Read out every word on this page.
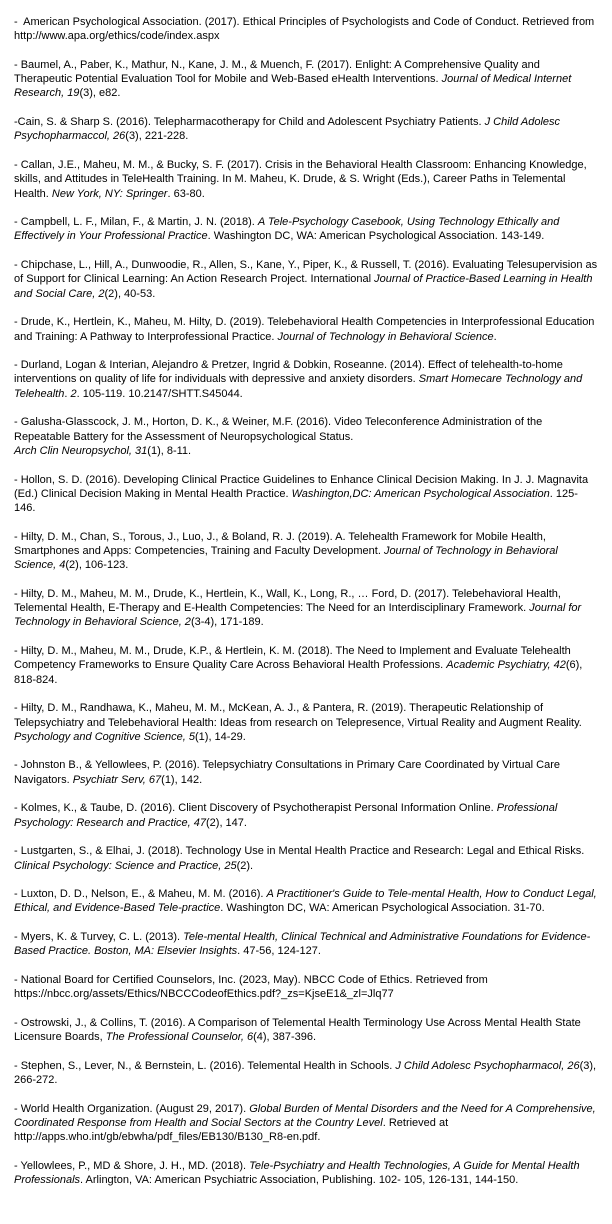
-  American Psychological Association. (2017). Ethical Principles of Psychologists and Code of Conduct. Retrieved from http://www.apa.org/ethics/code/index.aspx

- Baumel, A., Paber, K., Mathur, N., Kane, J. M., & Muench, F. (2017). Enlight: A Comprehensive Quality and Therapeutic Potential Evaluation Tool for Mobile and Web-Based eHealth Interventions. Journal of Medical Internet Research, 19(3), e82.

-Cain, S. & Sharp S. (2016). Telepharmacotherapy for Child and Adolescent Psychiatry Patients. J Child Adolesc Psychopharmaccol, 26(3), 221-228.

- Callan, J.E., Maheu, M. M., & Bucky, S. F. (2017). Crisis in the Behavioral Health Classroom: Enhancing Knowledge, skills, and Attitudes in TeleHealth Training. In M. Maheu, K. Drude, & S. Wright (Eds.), Career Paths in Telemental Health. New York, NY: Springer. 63-80.

- Campbell, L. F., Milan, F., & Martin, J. N. (2018). A Tele-Psychology Casebook, Using Technology Ethically and Effectively in Your Professional Practice. Washington DC, WA: American Psychological Association. 143-149.

- Chipchase, L., Hill, A., Dunwoodie, R., Allen, S., Kane, Y., Piper, K., & Russell, T. (2016). Evaluating Telesupervision as of Support for Clinical Learning: An Action Research Project. International Journal of Practice-Based Learning in Health and Social Care, 2(2), 40-53.

- Drude, K., Hertlein, K., Maheu, M. Hilty, D. (2019). Telebehavioral Health Competencies in Interprofessional Education and Training: A Pathway to Interprofessional Practice. Journal of Technology in Behavioral Science.

- Durland, Logan & Interian, Alejandro & Pretzer, Ingrid & Dobkin, Roseanne. (2014). Effect of telehealth-to-home interventions on quality of life for individuals with depressive and anxiety disorders. Smart Homecare Technology and Telehealth. 2. 105-119. 10.2147/SHTT.S45044.

- Galusha-Glasscock, J. M., Horton, D. K., & Weiner, M.F. (2016). Video Teleconference Administration of the Repeatable Battery for the Assessment of Neuropsychological Status.
Arch Clin Neuropsychol, 31(1), 8-11.

- Hollon, S. D. (2016). Developing Clinical Practice Guidelines to Enhance Clinical Decision Making. In J. J. Magnavita (Ed.) Clinical Decision Making in Mental Health Practice. Washington,DC: American Psychological Association. 125-146.

- Hilty, D. M., Chan, S., Torous, J., Luo, J., & Boland, R. J. (2019). A. Telehealth Framework for Mobile Health, Smartphones and Apps: Competencies, Training and Faculty Development. Journal of Technology in Behavioral Science, 4(2), 106-123.

- Hilty, D. M., Maheu, M. M., Drude, K., Hertlein, K., Wall, K., Long, R., … Ford, D. (2017). Telebehavioral Health, Telemental Health, E-Therapy and E-Health Competencies: The Need for an Interdisciplinary Framework. Journal for Technology in Behavioral Science, 2(3-4), 171-189.

- Hilty, D. M., Maheu, M. M., Drude, K.P., & Hertlein, K. M. (2018). The Need to Implement and Evaluate Telehealth Competency Frameworks to Ensure Quality Care Across Behavioral Health Professions. Academic Psychiatry, 42(6), 818-824.

- Hilty, D. M., Randhawa, K., Maheu, M. M., McKean, A. J., & Pantera, R. (2019). Therapeutic Relationship of Telepsychiatry and Telebehavioral Health: Ideas from research on Telepresence, Virtual Reality and Augment Reality. Psychology and Cognitive Science, 5(1), 14-29.

- Johnston B., & Yellowlees, P. (2016). Telepsychiatry Consultations in Primary Care Coordinated by Virtual Care Navigators. Psychiatr Serv, 67(1), 142.

- Kolmes, K., & Taube, D. (2016). Client Discovery of Psychotherapist Personal Information Online. Professional Psychology: Research and Practice, 47(2), 147.

- Lustgarten, S., & Elhai, J. (2018). Technology Use in Mental Health Practice and Research: Legal and Ethical Risks. Clinical Psychology: Science and Practice, 25(2).

- Luxton, D. D., Nelson, E., & Maheu, M. M. (2016). A Practitioner's Guide to Tele-mental Health, How to Conduct Legal, Ethical, and Evidence-Based Tele-practice. Washington DC, WA: American Psychological Association. 31-70.

- Myers, K. & Turvey, C. L. (2013). Tele-mental Health, Clinical Technical and Administrative Foundations for Evidence-Based Practice. Boston, MA: Elsevier Insights. 47-56, 124-127.

- National Board for Certified Counselors, Inc. (2023, May). NBCC Code of Ethics. Retrieved from https://nbcc.org/assets/Ethics/NBCCCodeofEthics.pdf?_zs=KjseE1&_zl=Jlq77

- Ostrowski, J., & Collins, T. (2016). A Comparison of Telemental Health Terminology Use Across Mental Health State Licensure Boards, The Professional Counselor, 6(4), 387-396.

- Stephen, S., Lever, N., & Bernstein, L. (2016). Telemental Health in Schools. J Child Adolesc Psychopharmacol, 26(3), 266-272.

- World Health Organization. (August 29, 2017). Global Burden of Mental Disorders and the Need for A Comprehensive, Coordinated Response from Health and Social Sectors at the Country Level. Retrieved at http://apps.who.int/gb/ebwha/pdf_files/EB130/B130_R8-en.pdf.

- Yellowlees, P., MD & Shore, J. H., MD. (2018). Tele-Psychiatry and Health Technologies, A Guide for Mental Health Professionals. Arlington, VA: American Psychiatric Association, Publishing. 102- 105, 126-131, 144-150.
